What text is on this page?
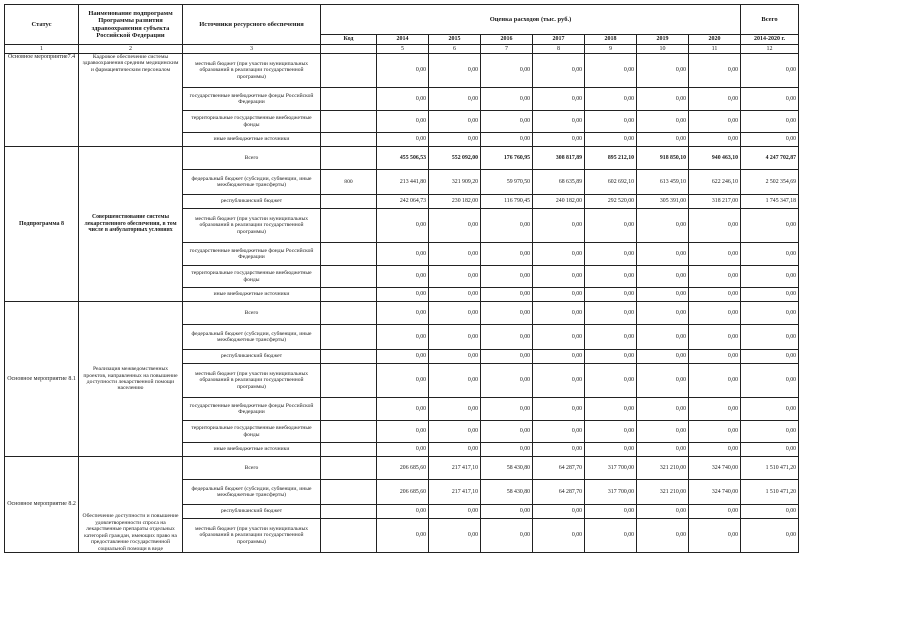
Статус	Наименование подпрограмм Программы развития здравоохранения субъекта Российской Федерации	Источники ресурсного обеспечения	Оценка расходов (тыс. руб.)								Всего
			Код	2014	2015	2016	2017	2018	2019	2020	2014-2020 г.
1	2	3		5	6	7	8	9	10	11	12
Основное мероприятие7.4	Кадровое обеспечение системы здравоохранения средним медицинским и фармацевтическим персоналом	местный бюджет (при участии муниципальных образований в реализации государственной программы)		0,00	0,00	0,00	0,00	0,00	0,00	0,00	0,00
		государственные внебюджетные фонды Российской Федерации		0,00	0,00	0,00	0,00	0,00	0,00	0,00	0,00
		территориальные государственные внебюджетные фонды		0,00	0,00	0,00	0,00	0,00	0,00	0,00	0,00
		иные внебюджетные источники		0,00	0,00	0,00	0,00	0,00	0,00	0,00	0,00
Подпрограмма 8	Совершенствование системы лекарственного обеспечения, в том числе в амбулаторных условиях	Всего		455 506,53	552 092,00	176 760,95	308 817,89	895 212,10	918 850,10	940 463,10	4 247 702,87
		федеральный бюджет (субсидии, субвенции, иные межбюджетные трансферты)	800	213 441,80	321 909,20	59 970,50	68 635,89	602 692,10	613 459,10	622 246,10	2 502 354,69
		республиканский бюджет		242 064,73	230 182,00	116 790,45	240 182,00	292 520,00	305 391,00	318 217,00	1 745 347,18
		местный бюджет (при участии муниципальных образований в реализации государственной программы)		0,00	0,00	0,00	0,00	0,00	0,00	0,00	0,00
		государственные внебюджетные фонды Российской Федерации		0,00	0,00	0,00	0,00	0,00	0,00	0,00	0,00
		территориальные государственные внебюджетные фонды		0,00	0,00	0,00	0,00	0,00	0,00	0,00	0,00
		иные внебюджетные источники		0,00	0,00	0,00	0,00	0,00	0,00	0,00	0,00
Основное мероприятие 8.1	Реализация межведомственных проектов, направленных на повышение доступности лекарственной помощи населению	Всего		0,00	0,00	0,00	0,00	0,00	0,00	0,00	0,00
		федеральный бюджет (субсидии, субвенции, иные межбюджетные трансферты)		0,00	0,00	0,00	0,00	0,00	0,00	0,00	0,00
		республиканский бюджет		0,00	0,00	0,00	0,00	0,00	0,00	0,00	0,00
		местный бюджет (при участии муниципальных образований в реализации государственной программы)		0,00	0,00	0,00	0,00	0,00	0,00	0,00	0,00
		государственные внебюджетные фонды Российской Федерации		0,00	0,00	0,00	0,00	0,00	0,00	0,00	0,00
		территориальные государственные внебюджетные фонды		0,00	0,00	0,00	0,00	0,00	0,00	0,00	0,00
		иные внебюджетные источники		0,00	0,00	0,00	0,00	0,00	0,00	0,00	0,00
Основное мероприятие 8.2	Обеспечение доступности и повышение удовлетворенности спроса на лекарственные препараты отдельных категорий граждан, имеющих право на предоставление государственной социальной помощи в виде	Всего		206 685,60	217 417,10	58 430,80	64 287,70	317 700,00	321 210,00	324 740,00	1 510 471,20
		федеральный бюджет (субсидии, субвенции, иные межбюджетные трансферты)		206 685,60	217 417,10	58 430,80	64 287,70	317 700,00	321 210,00	324 740,00	1 510 471,20
		республиканский бюджет		0,00	0,00	0,00	0,00	0,00	0,00	0,00	0,00
		местный бюджет (при участии муниципальных образований в реализации государственной программы)		0,00	0,00	0,00	0,00	0,00	0,00	0,00	0,00
